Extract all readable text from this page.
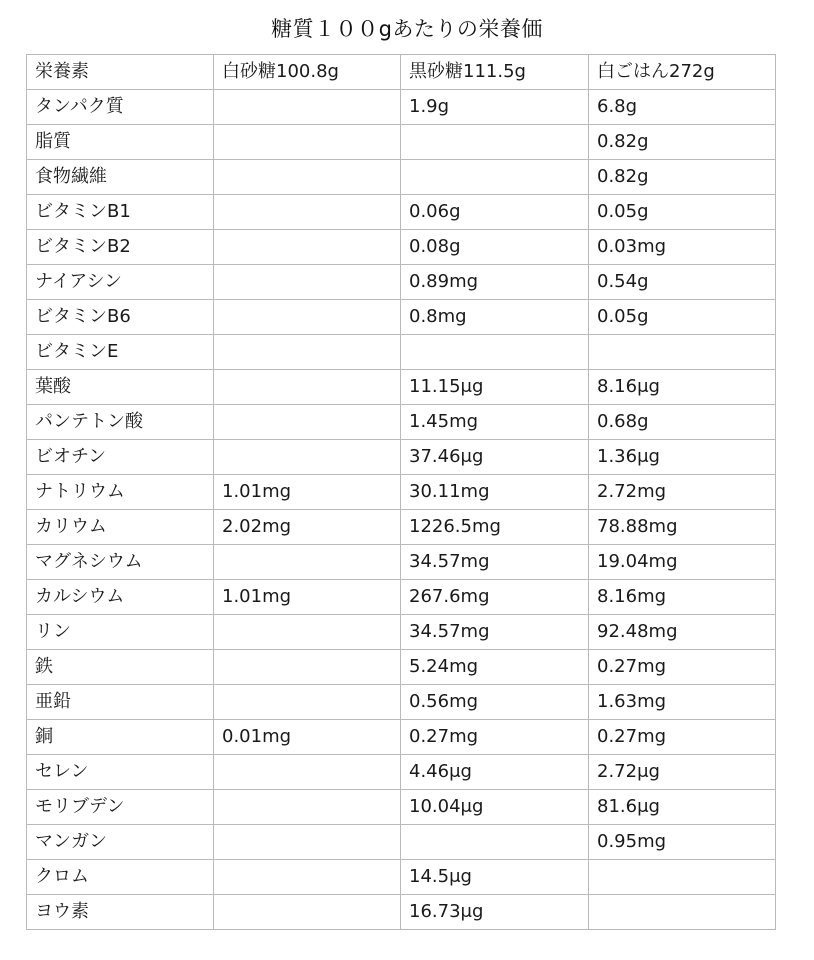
糖質１００gあたりの栄養価
栄養素	白砂糖100.8g	黒砂糖111.5g	白ごはん272g
タンパク質		1.9g	6.8g
脂質			0.82g
食物繊維			0.82g
ビタミンB1		0.06g	0.05g
ビタミンB2		0.08g	0.03mg
ナイアシン		0.89mg	0.54g
ビタミンB6		0.8mg	0.05g
ビタミンE			
葉酸		11.15μg	8.16μg
パンテトン酸		1.45mg	0.68g
ビオチン		37.46μg	1.36μg
ナトリウム	1.01mg	30.11mg	2.72mg
カリウム	2.02mg	1226.5mg	78.88mg
マグネシウム		34.57mg	19.04mg
カルシウム	1.01mg	267.6mg	8.16mg
リン		34.57mg	92.48mg
鉄		5.24mg	0.27mg
亜鉛		0.56mg	1.63mg
銅	0.01mg	0.27mg	0.27mg
セレン		4.46μg	2.72μg
モリブデン		10.04μg	81.6μg
マンガン			0.95mg
クロム		14.5μg	
ヨウ素		16.73μg	
